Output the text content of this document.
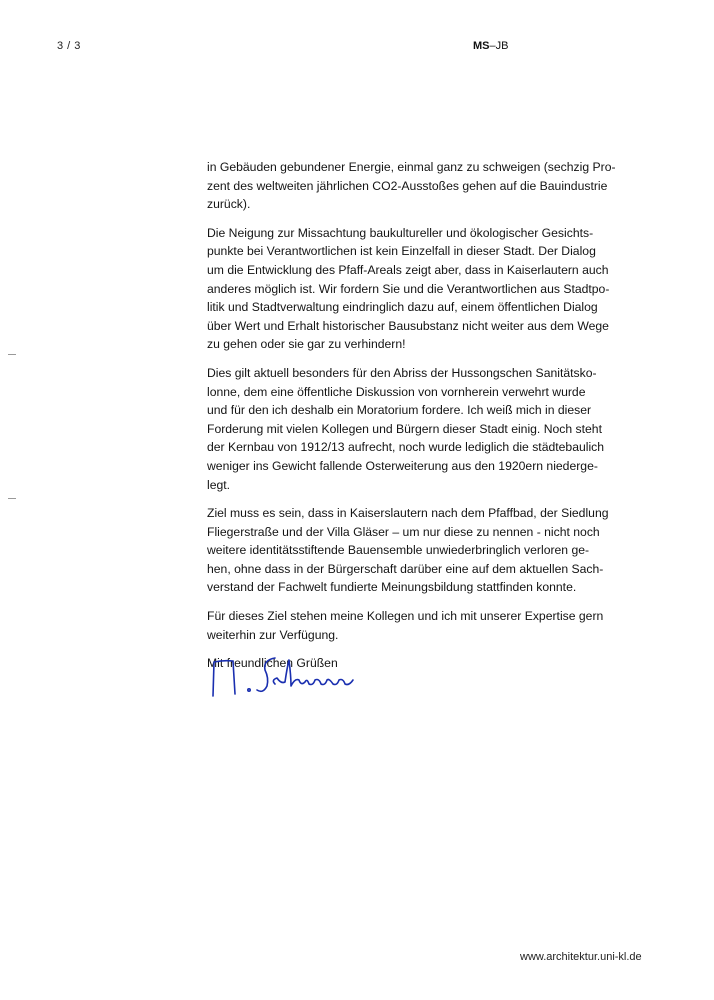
3 / 3	MS–JB

in Gebäuden gebundener Energie, einmal ganz zu schweigen (sechzig Pro-
zent des weltweiten jährlichen CO2-Ausstoßes gehen auf die Bauindustrie
zurück).

Die Neigung zur Missachtung baukultureller und ökologischer Gesichts-
punkte bei Verantwortlichen ist kein Einzelfall in dieser Stadt. Der Dialog
um die Entwicklung des Pfaff-Areals zeigt aber, dass in Kaiserlautern auch
anderes möglich ist. Wir fordern Sie und die Verantwortlichen aus Stadtpo-
litik und Stadtverwaltung eindringlich dazu auf, einem öffentlichen Dialog
über Wert und Erhalt historischer Bausubstanz nicht weiter aus dem Wege
zu gehen oder sie gar zu verhindern!

Dies gilt aktuell besonders für den Abriss der Hussongschen Sanitätsko-
lonne, dem eine öffentliche Diskussion von vornherein verwehrt wurde
und für den ich deshalb ein Moratorium fordere. Ich weiß mich in dieser
Forderung mit vielen Kollegen und Bürgern dieser Stadt einig. Noch steht
der Kernbau von 1912/13 aufrecht, noch wurde lediglich die städtebaulich
weniger ins Gewicht fallende Osterweiterung aus den 1920ern niederge-
legt.

Ziel muss es sein, dass in Kaiserslautern nach dem Pfaffbad, der Siedlung
Fliegerstraße und der Villa Gläser – um nur diese zu nennen - nicht noch
weitere identitätsstiftende Bauensemble unwiederbringlich verloren ge-
hen, ohne dass in der Bürgerschaft darüber eine auf dem aktuellen Sach-
verstand der Fachwelt fundierte Meinungsbildung stattfinden konnte.

Für dieses Ziel stehen meine Kollegen und ich mit unserer Expertise gern
weiterhin zur Verfügung.

Mit freundlichen Grüßen

www.architektur.uni-kl.de
